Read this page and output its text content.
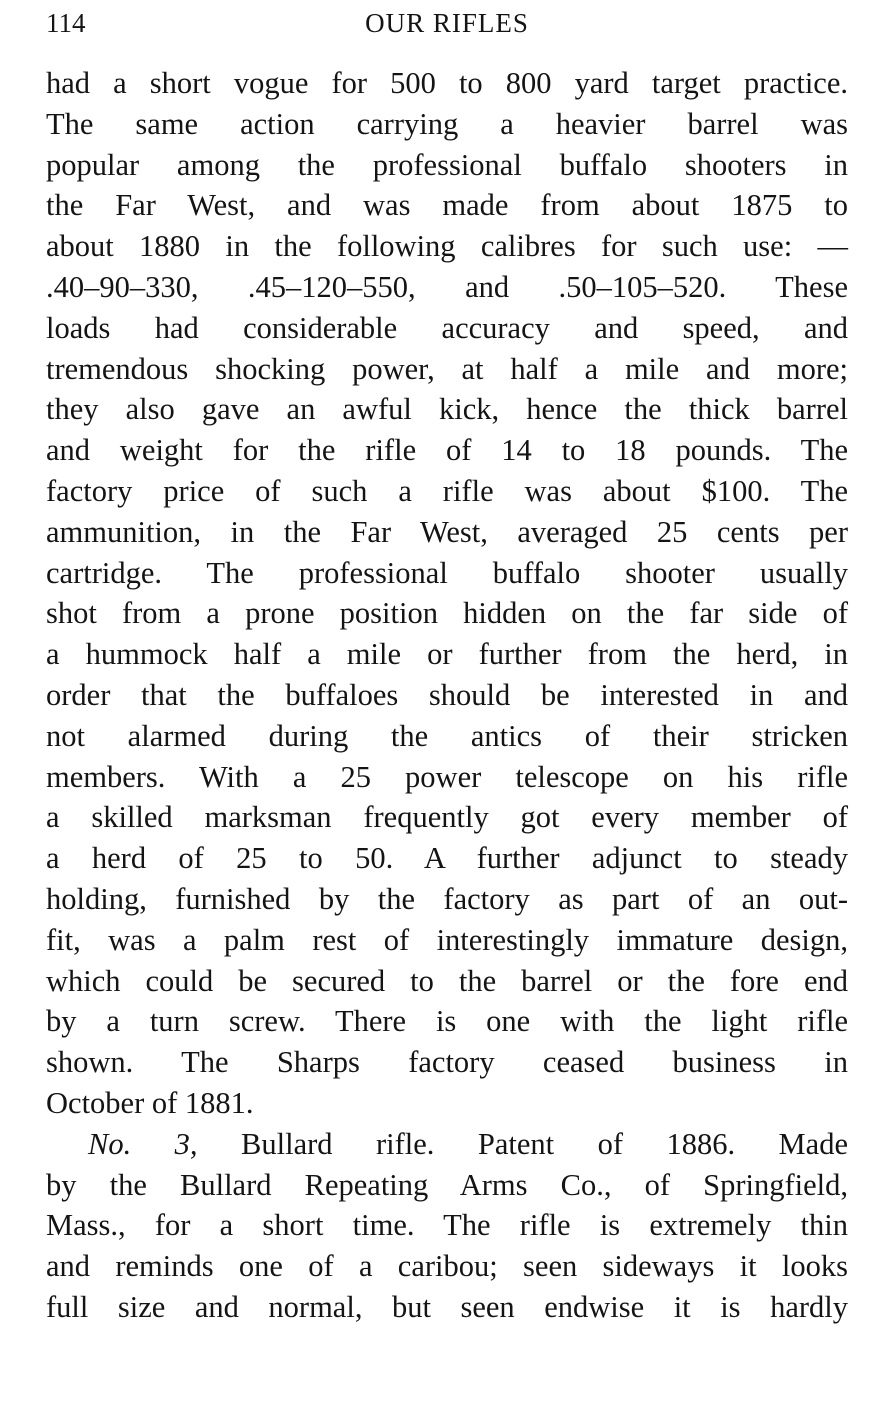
114	OUR RIFLES
had a short vogue for 500 to 800 yard target practice.
The same action carrying a heavier barrel was
popular among the professional buffalo shooters in
the Far West, and was made from about 1875 to
about 1880 in the following calibres for such use: —
.40–90–330, .45–120–550, and .50–105–520. These
loads had considerable accuracy and speed, and
tremendous shocking power, at half a mile and more;
they also gave an awful kick, hence the thick barrel
and weight for the rifle of 14 to 18 pounds. The
factory price of such a rifle was about $100. The
ammunition, in the Far West, averaged 25 cents per
cartridge. The professional buffalo shooter usually
shot from a prone position hidden on the far side of
a hummock half a mile or further from the herd, in
order that the buffaloes should be interested in and
not alarmed during the antics of their stricken
members. With a 25 power telescope on his rifle
a skilled marksman frequently got every member of
a herd of 25 to 50. A further adjunct to steady
holding, furnished by the factory as part of an out-
fit, was a palm rest of interestingly immature design,
which could be secured to the barrel or the fore end
by a turn screw. There is one with the light rifle
shown. The Sharps factory ceased business in
October of 1881.
No. 3, Bullard rifle. Patent of 1886. Made
by the Bullard Repeating Arms Co., of Springfield,
Mass., for a short time. The rifle is extremely thin
and reminds one of a caribou; seen sideways it looks
full size and normal, but seen endwise it is hardly
